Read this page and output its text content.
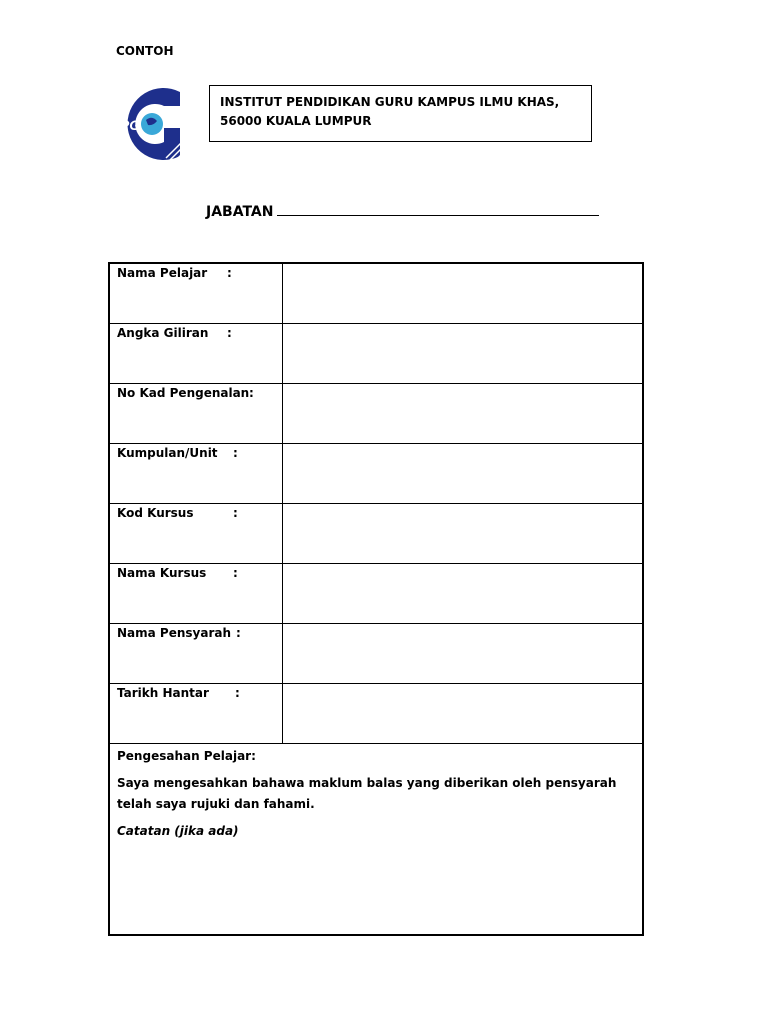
CONTOH
iPG
INSTITUT PENDIDIKAN GURU KAMPUS ILMU KHAS,
56000 KUALA LUMPUR
JABATAN
Nama Pelajar :
Angka Giliran :
No Kad Pengenalan :
Kumpulan/Unit :
Kod Kursus	:
Nama Kursus :
Nama Pensyarah :
Tarikh Hantar :

Pengesahan Pelajar:

Saya mengesahkan bahawa maklum balas yang diberikan oleh pensyarah telah saya rujuki dan fahami.

Catatan (jika ada)
